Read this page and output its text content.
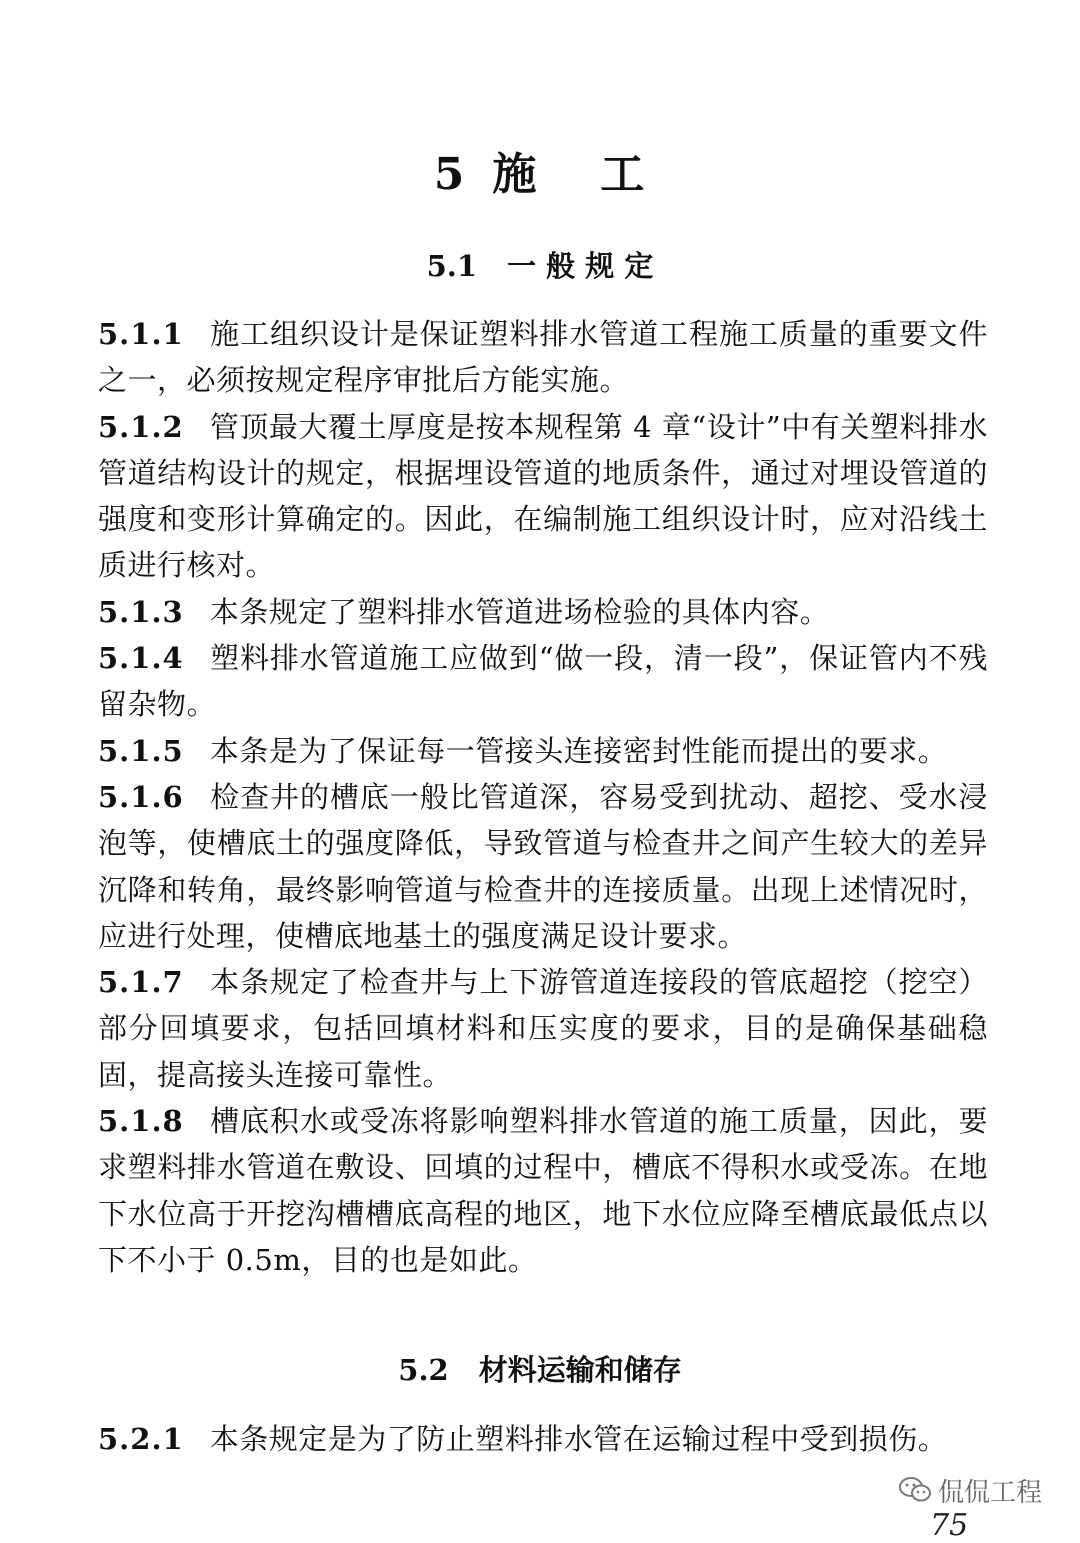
5 施 工
5.1 一 般 规 定

5.1.1 施工组织设计是保证塑料排水管道工程施工质量的重要文件之一，必须按规定程序审批后方能实施。

5.1.2 管顶最大覆土厚度是按本规程第 4 章“设计”中有关塑料排水管道结构设计的规定，根据埋设管道的地质条件，通过对埋设管道的强度和变形计算确定的。因此，在编制施工组织设计时，应对沿线土质进行核对。

5.1.3 本条规定了塑料排水管道进场检验的具体内容。

5.1.4 塑料排水管道施工应做到“做一段，清一段”，保证管内不残留杂物。

5.1.5 本条是为了保证每一管接头连接密封性能而提出的要求。

5.1.6 检查井的槽底一般比管道深，容易受到扰动、超挖、受水浸泡等，使槽底土的强度降低，导致管道与检查井之间产生较大的差异沉降和转角，最终影响管道与检查井的连接质量。出现上述情况时，应进行处理，使槽底地基土的强度满足设计要求。

5.1.7 本条规定了检查井与上下游管道连接段的管底超挖（挖空）部分回填要求，包括回填材料和压实度的要求，目的是确保基础稳固，提高接头连接可靠性。

5.1.8 槽底积水或受冻将影响塑料排水管道的施工质量，因此，要求塑料排水管道在敷设、回填的过程中，槽底不得积水或受冻。在地下水位高于开挖沟槽槽底高程的地区，地下水位应降至槽底最低点以下不小于 0.5m，目的也是如此。

5.2 材料运输和储存

5.2.1 本条规定是为了防止塑料排水管在运输过程中受到损伤。

侃侃工程
75
